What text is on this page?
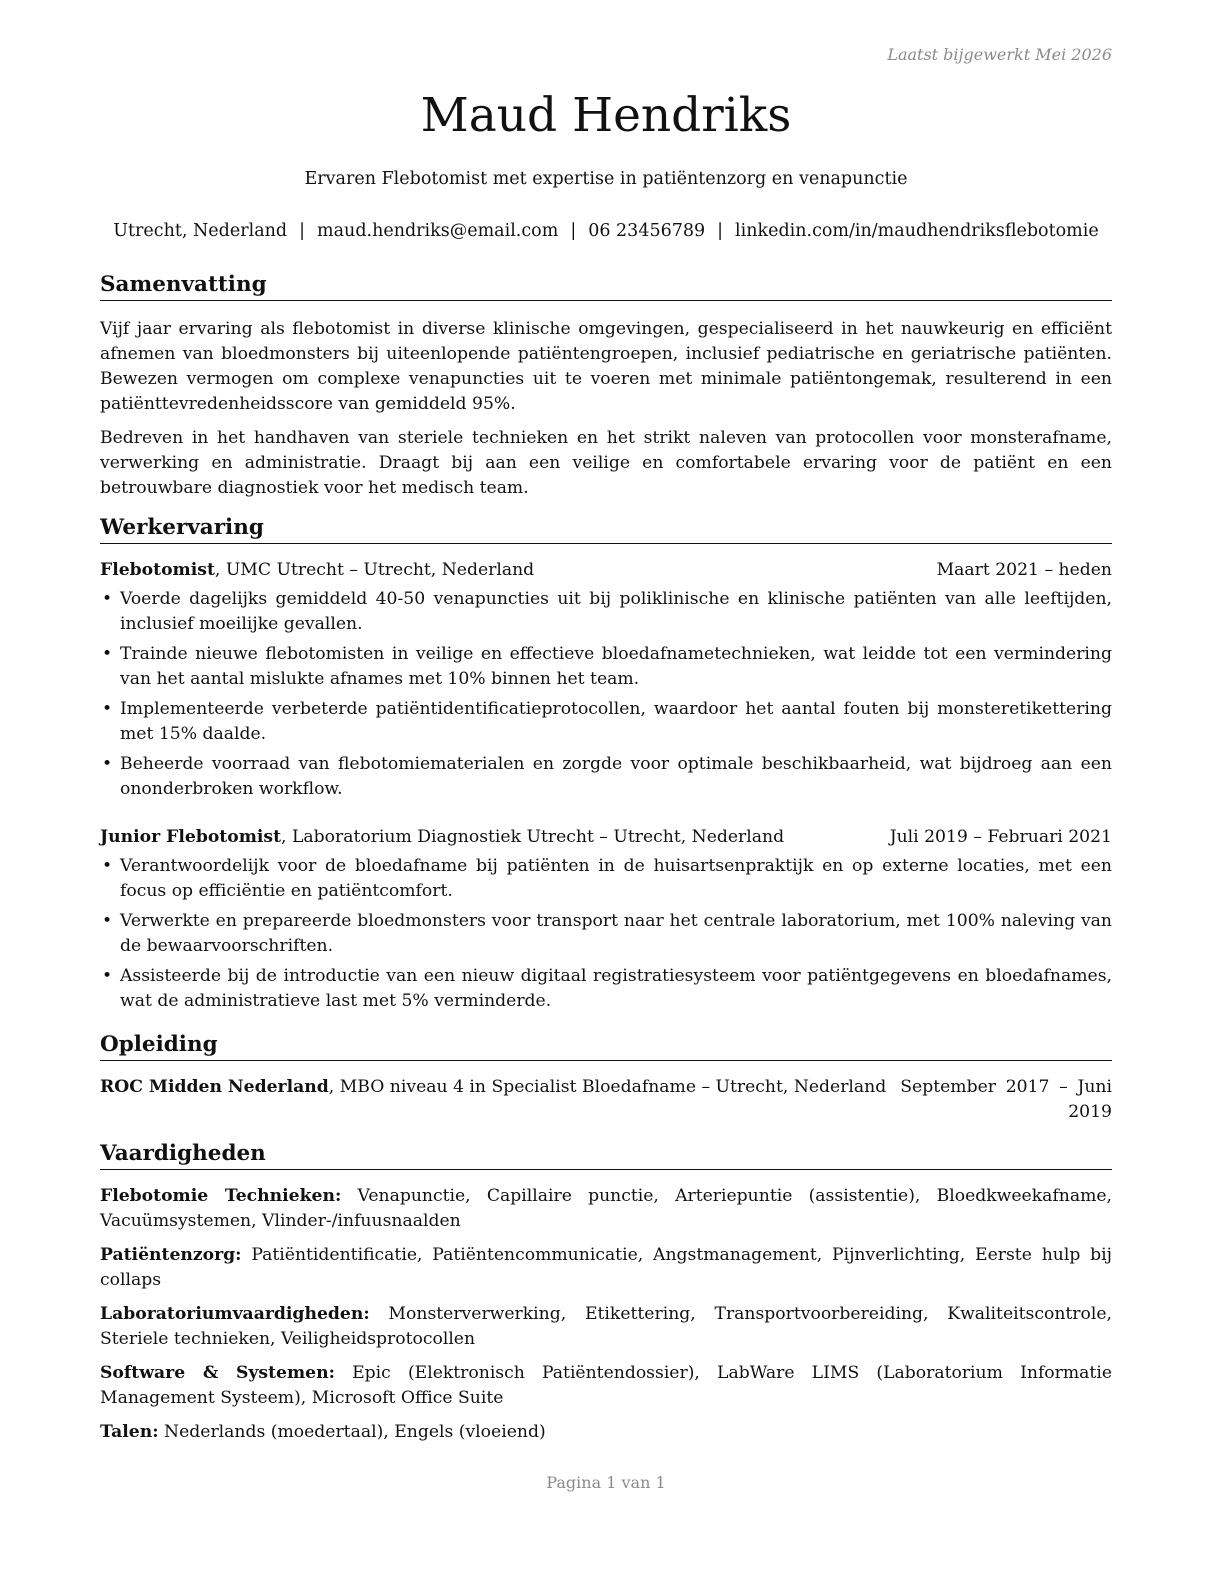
Laatst bijgewerkt Mei 2026
Maud Hendriks
Ervaren Flebotomist met expertise in patiëntenzorg en venapunctie
Utrecht, Nederland | maud.hendriks@email.com | 06 23456789 | linkedin.com/in/maudhendriksflebotomie
Samenvatting

Vijf jaar ervaring als flebotomist in diverse klinische omgevingen, gespecialiseerd in het nauwkeurig en efficiënt afnemen van bloedmonsters bij uiteenlopende patiëntengroepen, inclusief pediatrische en geriatrische patiënten. Bewezen vermogen om complexe venapuncties uit te voeren met minimale patiëntongemak, resulterend in een patiënttevredenheidsscore van gemiddeld 95%.

Bedreven in het handhaven van steriele technieken en het strikt naleven van protocollen voor monsterafname, verwerking en administratie. Draagt bij aan een veilige en comfortabele ervaring voor de patiënt en een betrouwbare diagnostiek voor het medisch team.

Werkervaring
Flebotomist, UMC Utrecht – Utrecht, Nederland	Maart 2021 – heden
• Voerde dagelijks gemiddeld 40-50 venapuncties uit bij poliklinische en klinische patiënten van alle leeftijden, inclusief moeilijke gevallen.
• Trainde nieuwe flebotomisten in veilige en effectieve bloedafnametechnieken, wat leidde tot een vermindering van het aantal mislukte afnames met 10% binnen het team.
• Implementeerde verbeterde patiëntidentificatieprotocollen, waardoor het aantal fouten bij monsteretikettering met 15% daalde.
• Beheerde voorraad van flebotomiematerialen en zorgde voor optimale beschikbaarheid, wat bijdroeg aan een ononderbroken workflow.
Junior Flebotomist, Laboratorium Diagnostiek Utrecht – Utrecht, Nederland	Juli 2019 – Februari 2021
• Verantwoordelijk voor de bloedafname bij patiënten in de huisartsenpraktijk en op externe locaties, met een focus op efficiëntie en patiëntcomfort.
• Verwerkte en prepareerde bloedmonsters voor transport naar het centrale laboratorium, met 100% naleving van de bewaarvoorschriften.
• Assisteerde bij de introductie van een nieuw digitaal registratiesysteem voor patiëntgegevens en bloedafnames, wat de administratieve last met 5% verminderde.
Opleiding
ROC Midden Nederland, MBO niveau 4 in Specialist Bloedafname – Utrecht, Nederland September 2017 – Juni 2019
Vaardigheden

Flebotomie Technieken: Venapunctie, Capillaire punctie, Arteriepuntie (assistentie), Bloedkweekafname, Vacuümsystemen, Vlinder-/infuusnaalden

Patiëntenzorg: Patiëntidentificatie, Patiëntencommunicatie, Angstmanagement, Pijnverlichting, Eerste hulp bij collaps

Laboratoriumvaardigheden: Monsterverwerking, Etikettering, Transportvoorbereiding, Kwaliteitscontrole, Steriele technieken, Veiligheidsprotocollen

Software & Systemen: Epic (Elektronisch Patiëntendossier), LabWare LIMS (Laboratorium Informatie Management Systeem), Microsoft Office Suite

Talen: Nederlands (moedertaal), Engels (vloeiend)

Pagina 1 van 1
